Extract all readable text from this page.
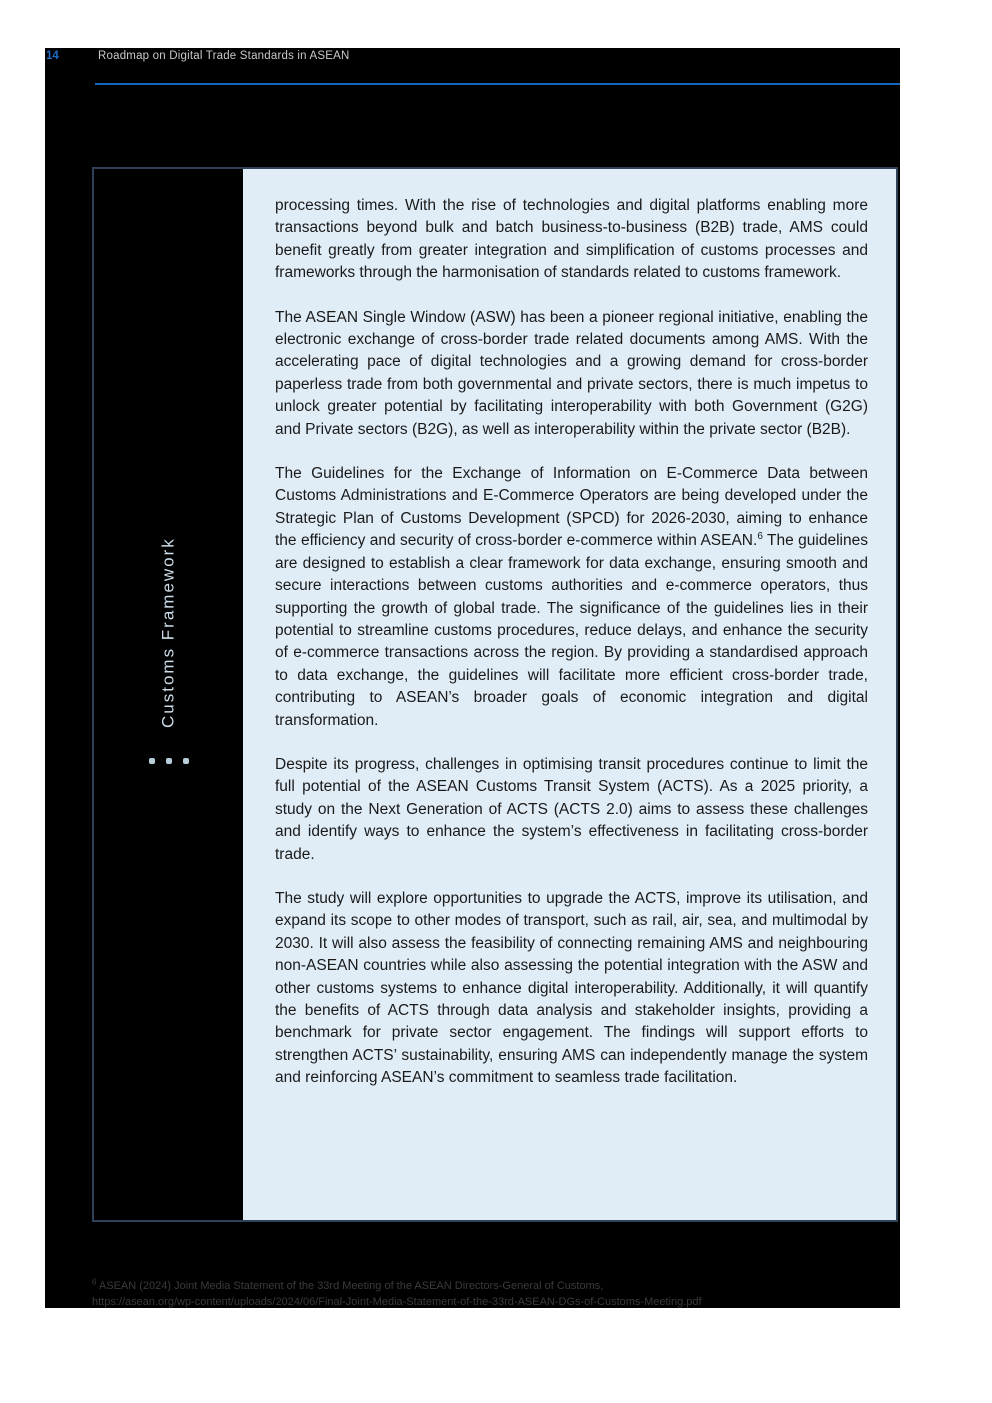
14	Roadmap on Digital Trade Standards in ASEAN
Customs Framework

processing times. With the rise of technologies and digital platforms enabling more transactions beyond bulk and batch business-to-business (B2B) trade, AMS could benefit greatly from greater integration and simplification of customs processes and frameworks through the harmonisation of standards related to customs framework.

The ASEAN Single Window (ASW) has been a pioneer regional initiative, enabling the electronic exchange of cross-border trade related documents among AMS. With the accelerating pace of digital technologies and a growing demand for cross-border paperless trade from both governmental and private sectors, there is much impetus to unlock greater potential by facilitating interoperability with both Government (G2G) and Private sectors (B2G), as well as interoperability within the private sector (B2B).

The Guidelines for the Exchange of Information on E-Commerce Data between Customs Administrations and E-Commerce Operators are being developed under the Strategic Plan of Customs Development (SPCD) for 2026-2030, aiming to enhance the efficiency and security of cross-border e-commerce within ASEAN.$^6$ The guidelines are designed to establish a clear framework for data exchange, ensuring smooth and secure interactions between customs authorities and e-commerce operators, thus supporting the growth of global trade. The significance of the guidelines lies in their potential to streamline customs procedures, reduce delays, and enhance the security of e-commerce transactions across the region. By providing a standardised approach to data exchange, the guidelines will facilitate more efficient cross-border trade, contributing to ASEAN’s broader goals of economic integration and digital transformation.

Despite its progress, challenges in optimising transit procedures continue to limit the full potential of the ASEAN Customs Transit System (ACTS). As a 2025 priority, a study on the Next Generation of ACTS (ACTS 2.0) aims to assess these challenges and identify ways to enhance the system’s effectiveness in facilitating cross-border trade.

The study will explore opportunities to upgrade the ACTS, improve its utilisation, and expand its scope to other modes of transport, such as rail, air, sea, and multimodal by 2030. It will also assess the feasibility of connecting remaining AMS and neighbouring non-ASEAN countries while also assessing the potential integration with the ASW and other customs systems to enhance digital interoperability. Additionally, it will quantify the benefits of ACTS through data analysis and stakeholder insights, providing a benchmark for private sector engagement. The findings will support efforts to strengthen ACTS’ sustainability, ensuring AMS can independently manage the system and reinforcing ASEAN’s commitment to seamless trade facilitation.

$^6$ ASEAN (2024) Joint Media Statement of the 33rd Meeting of the ASEAN Directors-General of Customs,
https://asean.org/wp-content/uploads/2024/06/Final-Joint-Media-Statement-of-the-33rd-ASEAN-DGs-of-Customs-Meeting.pdf
